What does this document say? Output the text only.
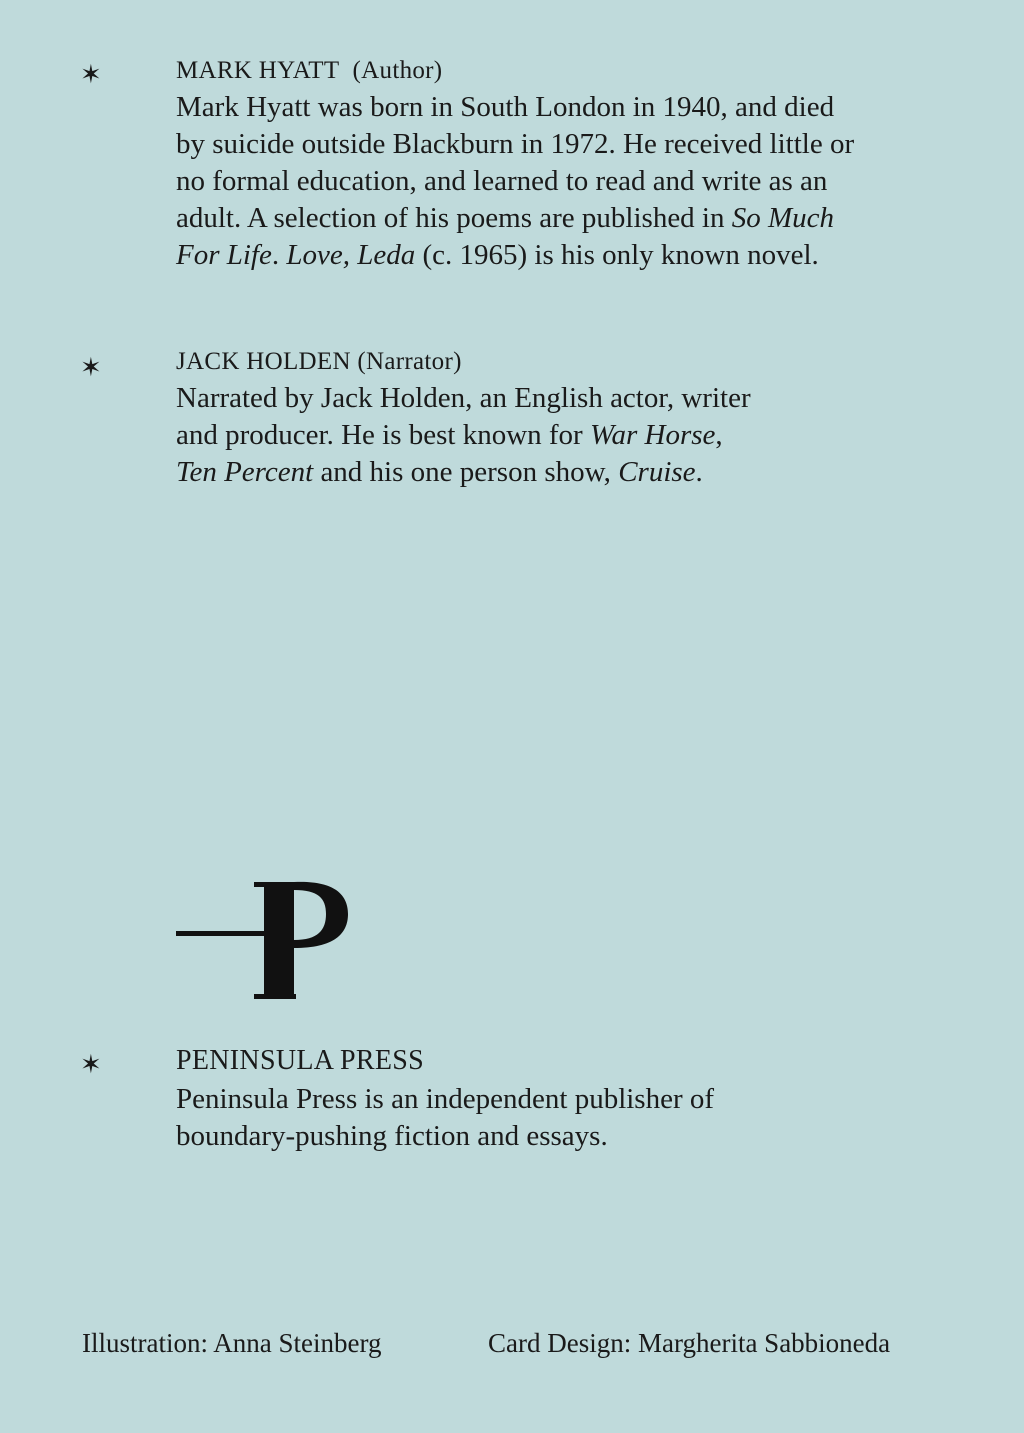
✶	MARK HYATT (Author)

Mark Hyatt was born in South London in 1940, and died by suicide outside Blackburn in 1972. He received little or no formal education, and learned to read and write as an adult. A selection of his poems are published in So Much For Life. Love, Leda (c. 1965) is his only known novel.

✶	JACK HOLDEN (Narrator)

Narrated by Jack Holden, an English actor, writer and producer. He is best known for War Horse, Ten Percent and his one person show, Cruise.

✶	PENINSULA PRESS

Peninsula Press is an independent publisher of boundary-pushing fiction and essays.

Illustration: Anna Steinberg	Card Design: Margherita Sabbioneda
